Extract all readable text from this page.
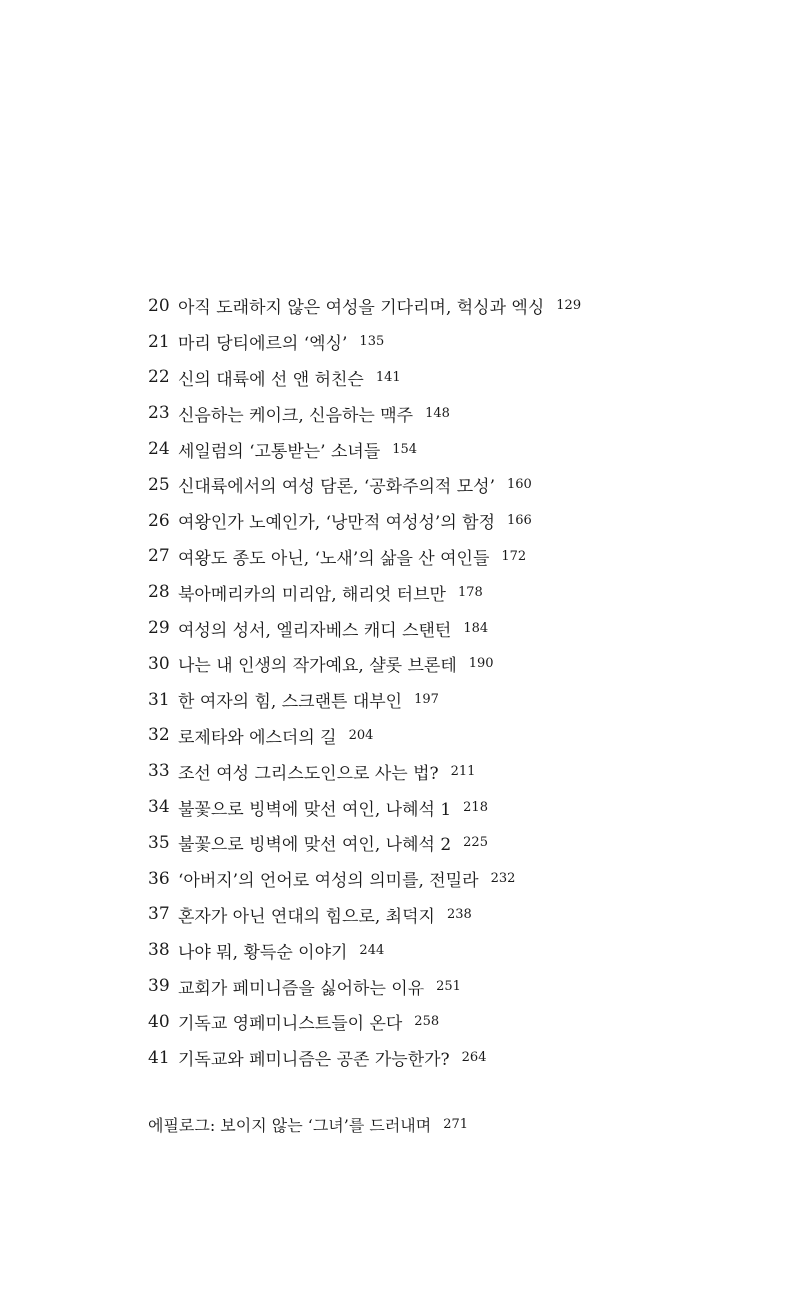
20 아직 도래하지 않은 여성을 기다리며, 헉싱과 엑싱 129
21 마리 당티에르의 ‘엑싱’ 135
22 신의 대륙에 선 앤 허친슨 141
23 신음하는 케이크, 신음하는 맥주 148
24 세일럼의 ‘고통받는’ 소녀들 154
25 신대륙에서의 여성 담론, ‘공화주의적 모성’ 160
26 여왕인가 노예인가, ‘낭만적 여성성’의 함정 166
27 여왕도 종도 아닌, ‘노새’의 삶을 산 여인들 172
28 북아메리카의 미리암, 해리엇 터브만 178
29 여성의 성서, 엘리자베스 캐디 스탠턴 184
30 나는 내 인생의 작가예요, 샬롯 브론테 190
31 한 여자의 힘, 스크랜튼 대부인 197
32 로제타와 에스더의 길 204
33 조선 여성 그리스도인으로 사는 법? 211
34 불꽃으로 빙벽에 맞선 여인, 나혜석 1 218
35 불꽃으로 빙벽에 맞선 여인, 나혜석 2 225
36 ‘아버지’의 언어로 여성의 의미를, 전밀라 232
37 혼자가 아닌 연대의 힘으로, 최덕지 238
38 나야 뭐, 황득순 이야기 244
39 교회가 페미니즘을 싫어하는 이유 251
40 기독교 영페미니스트들이 온다 258
41 기독교와 페미니즘은 공존 가능한가? 264
에필로그: 보이지 않는 ‘그녀’를 드러내며 271
